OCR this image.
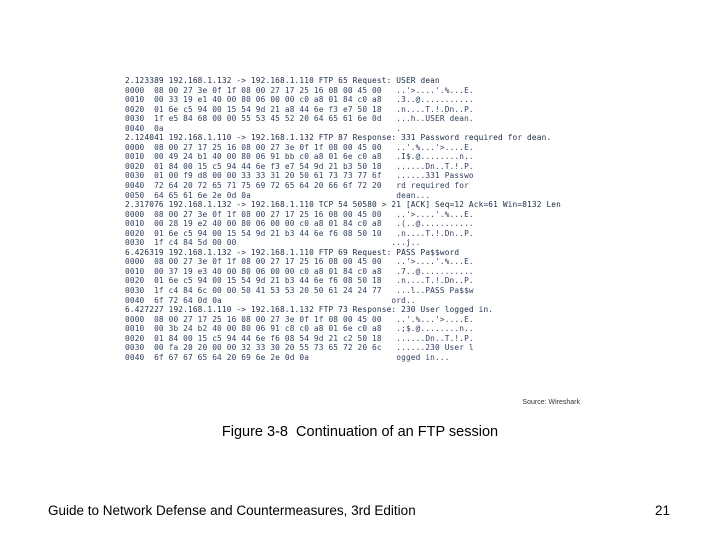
2.123389 192.168.1.132 -> 192.168.1.110 FTP 65 Request: USER dean
0000  08 00 27 3e 0f 1f 08 00 27 17 25 16 08 00 45 00   ..'>....'.%...E.
0010  00 33 19 e1 40 00 80 06 00 00 c0 a8 01 84 c0 a8   .3..@...........
0020  01 6e c5 94 00 15 54 9d 21 a8 44 6e f3 e7 50 18   .n....T.!.Dn..P.
0030  1f e5 84 68 00 00 55 53 45 52 20 64 65 61 6e 0d   ...h..USER dean.
0040  0a                                                .
2.124041 192.168.1.110 -> 192.168.1.132 FTP 87 Response: 331 Password required for dean.
0000  08 00 27 17 25 16 08 00 27 3e 0f 1f 08 00 45 00   ..'.%...'>....E.
0010  00 49 24 b1 40 00 80 06 91 bb c0 a8 01 6e c0 a8   .I$.@........n..
0020  01 84 00 15 c5 94 44 6e f3 e7 54 9d 21 b3 50 18   ......Dn..T.!.P.
0030  01 00 f9 d8 00 00 33 33 31 20 50 61 73 73 77 6f   ......331 Passwo
0040  72 64 20 72 65 71 75 69 72 65 64 20 66 6f 72 20   rd required for
0050  64 65 61 6e 2e 0d 0a                              dean...
2.317076 192.168.1.132 -> 192.168.1.110 TCP 54 50580 > 21 [ACK] Seq=12 Ack=61 Win=8132 Len
0000  08 00 27 3e 0f 1f 08 00 27 17 25 16 08 00 45 00   ..'>....'.%...E.
0010  00 28 19 e2 40 00 80 06 00 00 c0 a8 01 84 c0 a8   .(..@...........
0020  01 6e c5 94 00 15 54 9d 21 b3 44 6e f6 08 50 10   .n....T.!.Dn..P.
0030  1f c4 84 5d 00 00                                ...j..
6.426319 192.168.1.132 -> 192.168.1.110 FTP 69 Request: PASS Pa$$word
0000  08 00 27 3e 0f 1f 08 00 27 17 25 16 08 00 45 00   ..'>....'.%...E.
0010  00 37 19 e3 40 00 80 06 00 00 c0 a8 01 84 c0 a8   .7..@...........
0020  01 6e c5 94 00 15 54 9d 21 b3 44 6e f6 08 50 18   .n....T.!.Dn..P.
0030  1f c4 84 6c 00 00 50 41 53 53 20 50 61 24 24 77   ...l..PASS Pa$$w
0040  6f 72 64 0d 0a                                   ord..
6.427227 192.168.1.110 -> 192.168.1.132 FTP 73 Response: 230 User logged in.
0000  08 00 27 17 25 16 08 00 27 3e 0f 1f 08 00 45 00   ..'.%...'>....E.
0010  00 3b 24 b2 40 00 80 06 91 c8 c0 a8 01 6e c0 a8   .;$.@........n..
0020  01 84 00 15 c5 94 44 6e f6 08 54 9d 21 c2 50 18   ......Dn..T.!.P.
0030  00 fa 20 20 00 00 32 33 30 20 55 73 65 72 20 6c   ......230 User l
0040  6f 67 67 65 64 20 69 6e 2e 0d 0a                  ogged in...
Source: Wireshark
Figure 3-8 Continuation of an FTP session
Guide to Network Defense and Countermeasures, 3rd Edition	21
